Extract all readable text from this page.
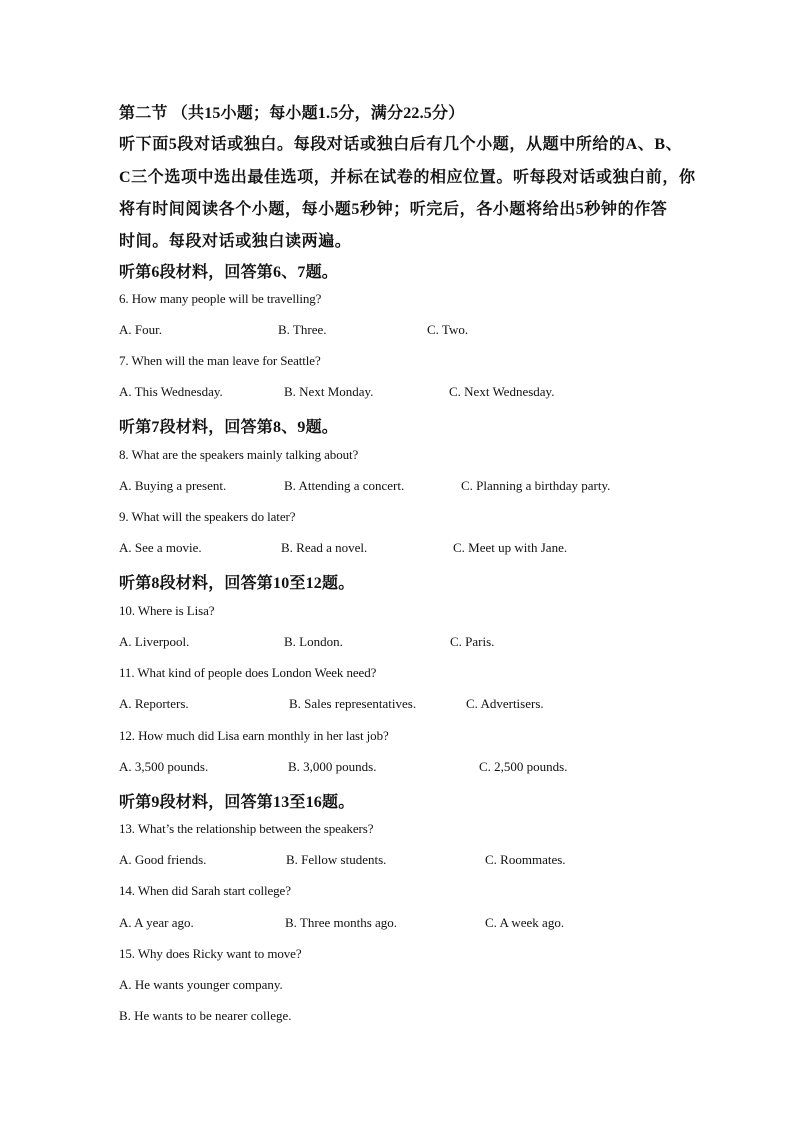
第二节 （共15小题；每小题1.5分，满分22.5分）
听下面5段对话或独白。每段对话或独白后有几个小题，从题中所给的A、B、
C三个选项中选出最佳选项，并标在试卷的相应位置。听每段对话或独白前，你
将有时间阅读各个小题，每小题5秒钟；听完后，各小题将给出5秒钟的作答
时间。每段对话或独白读两遍。
听第6段材料，回答第6、7题。
6. How many people will be travelling?
A. Four.	B. Three.	C. Two.
7. When will the man leave for Seattle?
A. This Wednesday.	B. Next Monday.	C. Next Wednesday.
听第7段材料，回答第8、9题。
8. What are the speakers mainly talking about?
A. Buying a present.	B. Attending a concert.	C. Planning a birthday party.
9. What will the speakers do later?
A. See a movie.	B. Read a novel.	C. Meet up with Jane.
听第8段材料，回答第10至12题。
10. Where is Lisa?
A. Liverpool.	B. London.	C. Paris.
11. What kind of people does London Week need?
A. Reporters.	B. Sales representatives.	C. Advertisers.
12. How much did Lisa earn monthly in her last job?
A. 3,500 pounds.	B. 3,000 pounds.	C. 2,500 pounds.
听第9段材料，回答第13至16题。
13. What’s the relationship between the speakers?
A. Good friends.	B. Fellow students.	C. Roommates.
14. When did Sarah start college?
A. A year ago.	B. Three months ago.	C. A week ago.
15. Why does Ricky want to move?
A. He wants younger company.
B. He wants to be nearer college.
